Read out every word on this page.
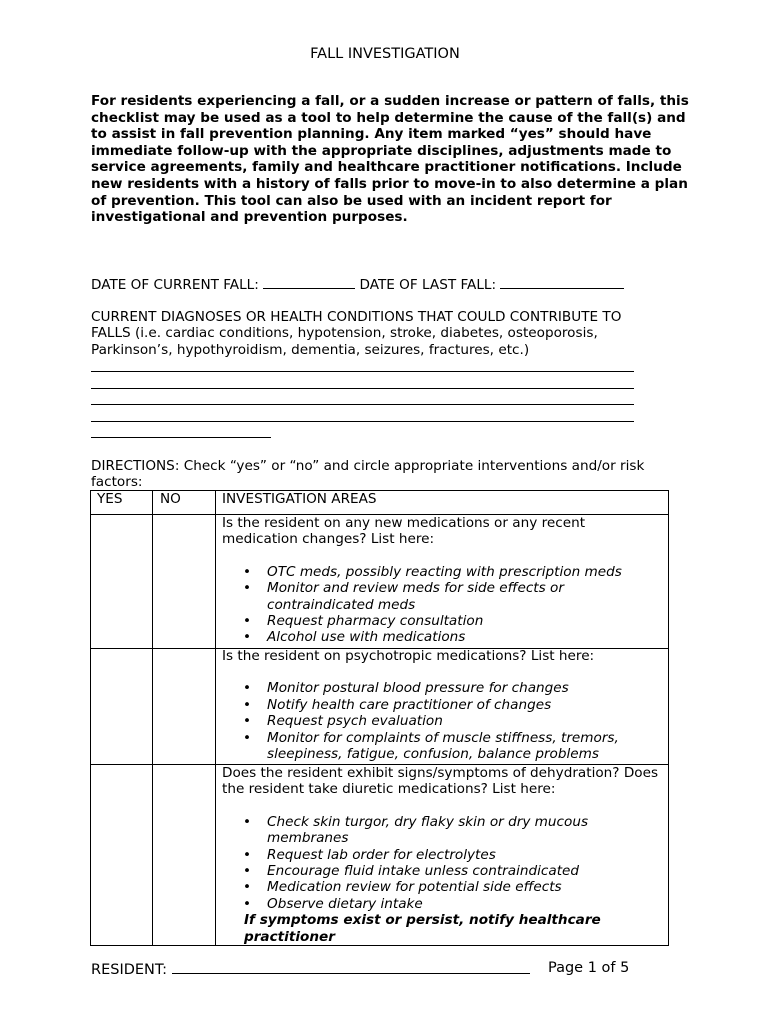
FALL INVESTIGATION
For residents experiencing a fall, or a sudden increase or pattern of falls, this checklist may be used as a tool to help determine the cause of the fall(s) and to assist in fall prevention planning. Any item marked “yes” should have immediate follow-up with the appropriate disciplines, adjustments made to service agreements, family and healthcare practitioner notifications. Include new residents with a history of falls prior to move-in to also determine a plan of prevention. This tool can also be used with an incident report for investigational and prevention purposes.
DATE OF CURRENT FALL:	DATE OF LAST FALL:
CURRENT DIAGNOSES OR HEALTH CONDITIONS THAT COULD CONTRIBUTE TO
FALLS (i.e. cardiac conditions, hypotension, stroke, diabetes, osteoporosis,
Parkinson’s, hypothyroidism, dementia, seizures, fractures, etc.)
DIRECTIONS: Check “yes” or “no” and circle appropriate interventions and/or risk factors:
YES	NO	INVESTIGATION AREAS

Is the resident on any new medications or any recent medication changes? List here:

• OTC meds, possibly reacting with prescription meds
• Monitor and review meds for side effects or contraindicated meds
• Request pharmacy consultation
• Alcohol use with medications

Is the resident on psychotropic medications? List here:

• Monitor postural blood pressure for changes
• Notify health care practitioner of changes
• Request psych evaluation
• Monitor for complaints of muscle stiffness, tremors, sleepiness, fatigue, confusion, balance problems

Does the resident exhibit signs/symptoms of dehydration? Does the resident take diuretic medications? List here:

• Check skin turgor, dry flaky skin or dry mucous membranes
• Request lab order for electrolytes
• Encourage fluid intake unless contraindicated
• Medication review for potential side effects
• Observe dietary intake

If symptoms exist or persist, notify healthcare practitioner

RESIDENT:	Page 1 of 5
